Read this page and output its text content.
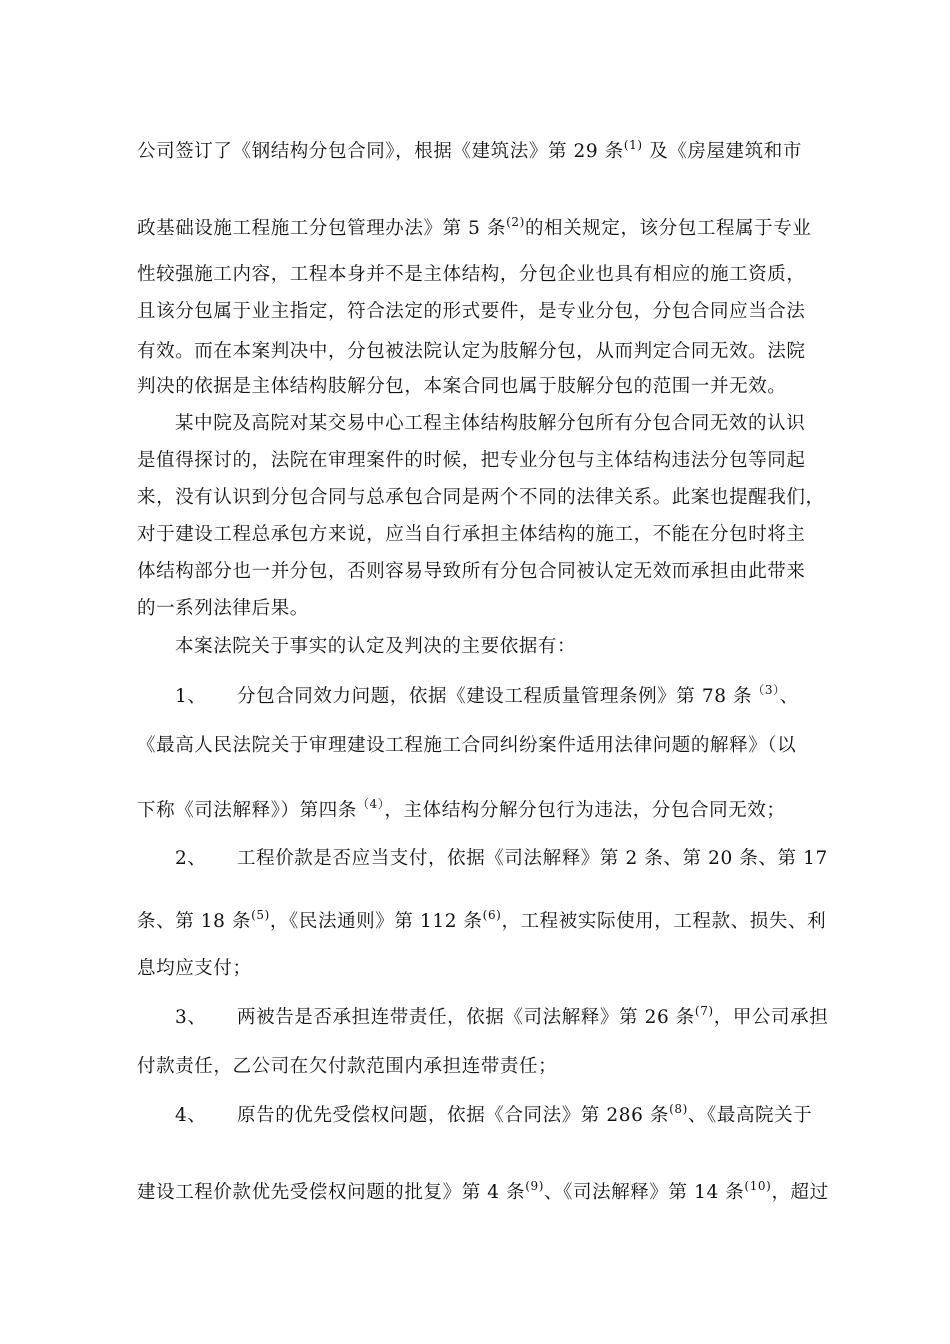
公司签订了《钢结构分包合同》，根据《建筑法》第 29 条$^{(1)}$ 及《房屋建筑和市
政基础设施工程施工分包管理办法》第 5 条$^{(2)}$的相关规定，该分包工程属于专业
性较强施工内容，工程本身并不是主体结构，分包企业也具有相应的施工资质，
且该分包属于业主指定，符合法定的形式要件，是专业分包，分包合同应当合法
有效。而在本案判决中，分包被法院认定为肢解分包，从而判定合同无效。法院
判决的依据是主体结构肢解分包，本案合同也属于肢解分包的范围一并无效。
某中院及高院对某交易中心工程主体结构肢解分包所有分包合同无效的认识
是值得探讨的，法院在审理案件的时候，把专业分包与主体结构违法分包等同起
来，没有认识到分包合同与总承包合同是两个不同的法律关系。此案也提醒我们，
对于建设工程总承包方来说，应当自行承担主体结构的施工，不能在分包时将主
体结构部分也一并分包，否则容易导致所有分包合同被认定无效而承担由此带来
的一系列法律后果。
本案法院关于事实的认定及判决的主要依据有：
1、 分包合同效力问题，依据《建设工程质量管理条例》第 78 条$^{(3)}$、
《最高人民法院关于审理建设工程施工合同纠纷案件适用法律问题的解释》（以
下称《司法解释》）第四条$^{(4)}$，主体结构分解分包行为违法，分包合同无效；
2、 工程价款是否应当支付，依据《司法解释》第 2 条、第 20 条、第 17
条、第 18 条$^{(5)}$，《民法通则》第 112 条$^{(6)}$，工程被实际使用，工程款、损失、利
息均应支付；
3、 两被告是否承担连带责任，依据《司法解释》第 26 条$^{(7)}$，甲公司承担
付款责任，乙公司在欠付款范围内承担连带责任；
4、 原告的优先受偿权问题，依据《合同法》第 286 条$^{(8)}$、《最高院关于
建设工程价款优先受偿权问题的批复》第 4 条$^{(9)}$、《司法解释》第 14 条$^{(10)}$，超过
